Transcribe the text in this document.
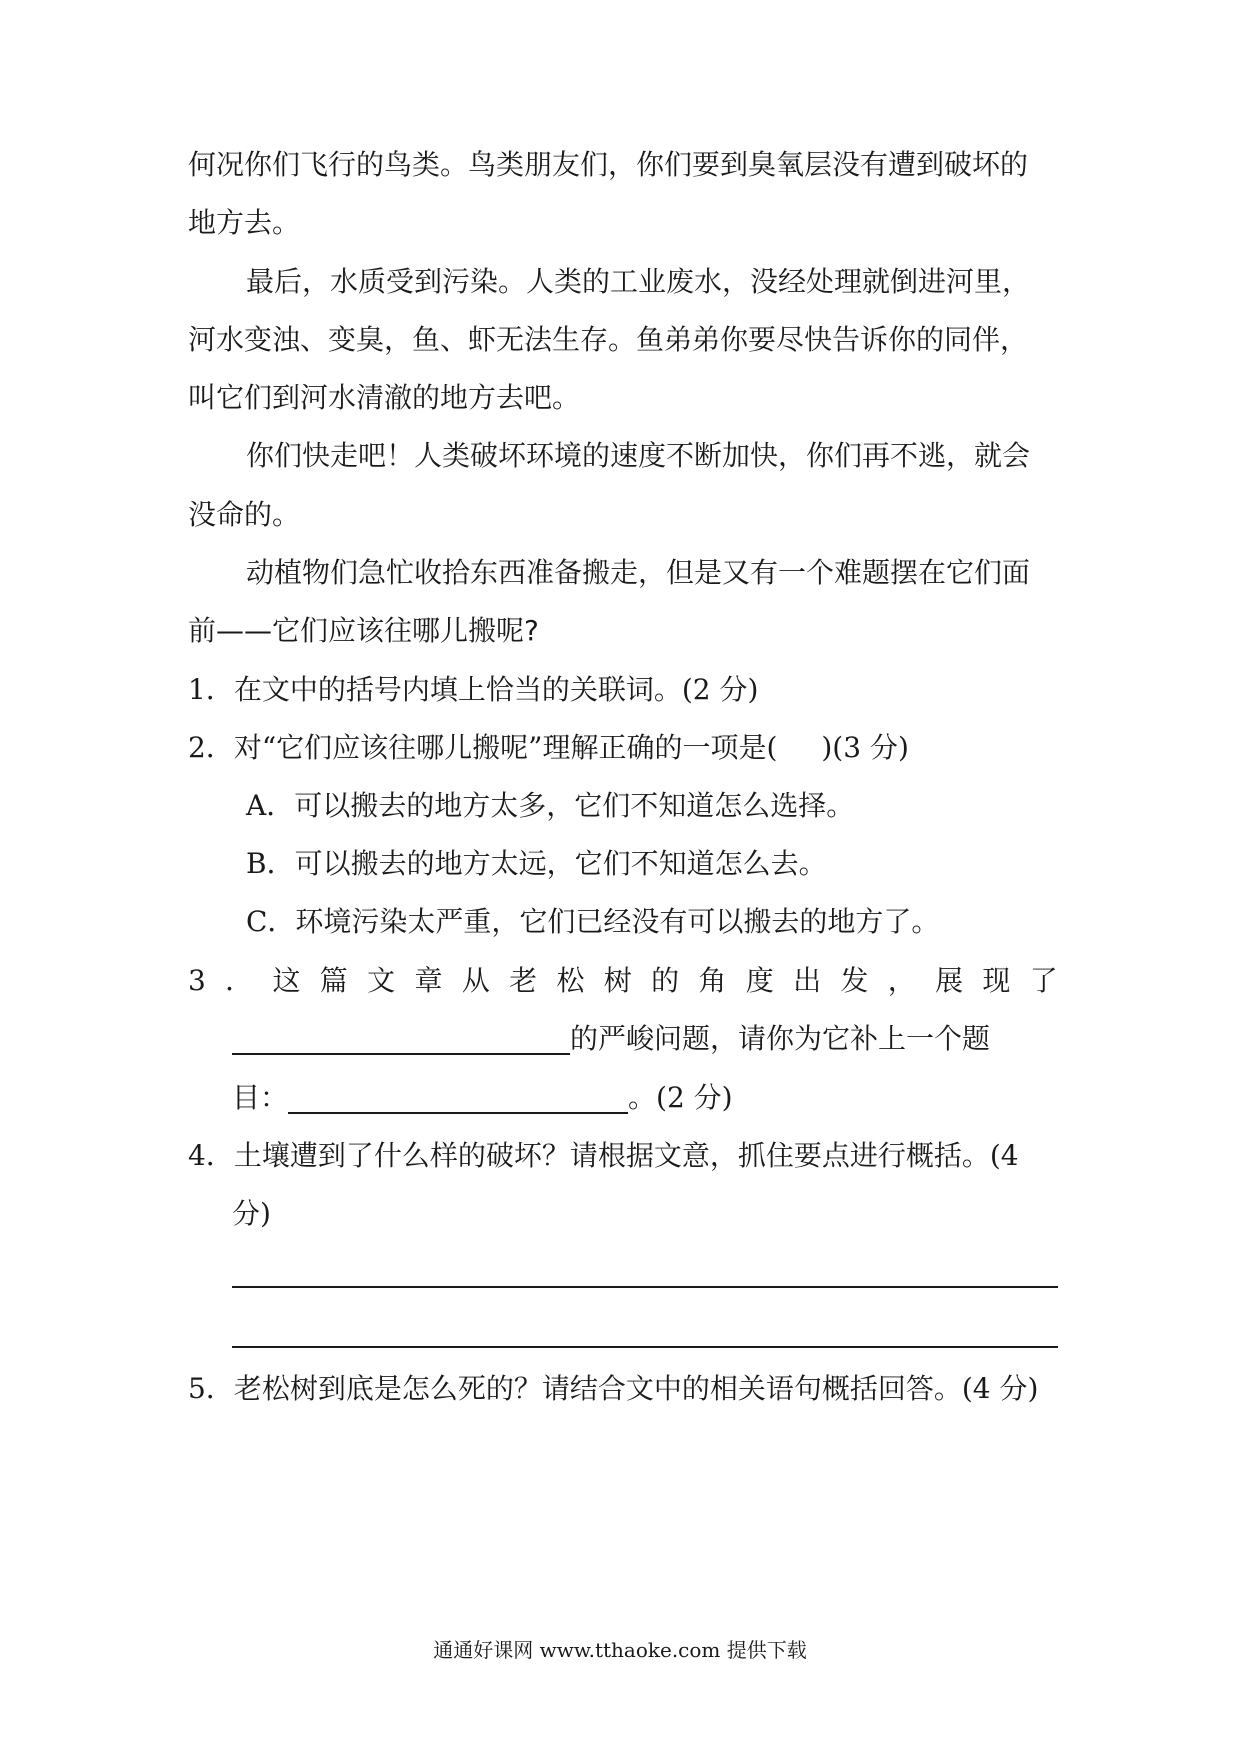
何况你们飞行的鸟类。鸟类朋友们，你们要到臭氧层没有遭到破坏的
地方去。
最后，水质受到污染。人类的工业废水，没经处理就倒进河里，
河水变浊、变臭，鱼、虾无法生存。鱼弟弟你要尽快告诉你的同伴，
叫它们到河水清澈的地方去吧。
你们快走吧！人类破坏环境的速度不断加快，你们再不逃，就会
没命的。
动植物们急忙收拾东西准备搬走，但是又有一个难题摆在它们面
前——它们应该往哪儿搬呢?
1．在文中的括号内填上恰当的关联词。(2 分)
2．对“它们应该往哪儿搬呢”理解正确的一项是( )(3 分)
A．可以搬去的地方太多，它们不知道怎么选择。
B．可以搬去的地方太远，它们不知道怎么去。
C．环境污染太严重，它们已经没有可以搬去的地方了。
3 ． 这 篇 文 章 从 老 松 树 的 角 度 出 发 ， 展 现 了
的严峻问题，请你为它补上一个题
目：	。(2 分)
4．土壤遭到了什么样的破坏？请根据文意，抓住要点进行概括。(4
分)
5．老松树到底是怎么死的？请结合文中的相关语句概括回答。(4 分)
通通好课网 www.tthaoke.com 提供下载
